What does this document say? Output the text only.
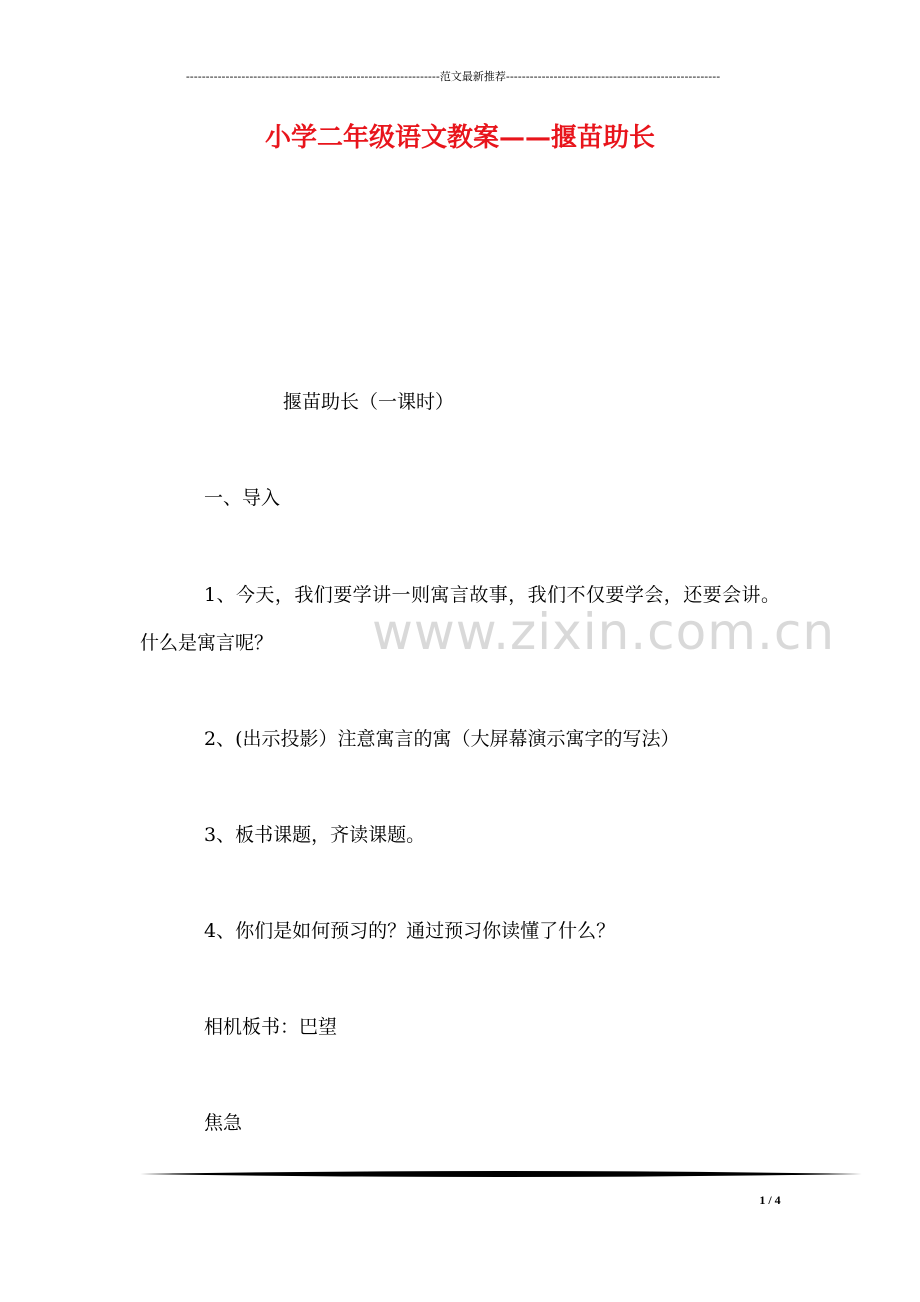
----------------------------------------------------------------范文最新推荐------------------------------------------------------
小学二年级语文教案——揠苗助长
揠苗助长（一课时）
一、导入
1、今天，我们要学讲一则寓言故事，我们不仅要学会，还要会讲。什么是寓言呢？
2、(出示投影）注意寓言的寓（大屏幕演示寓字的写法）
3、板书课题，齐读课题。
4、你们是如何预习的？通过预习你读懂了什么？
相机板书：巴望
焦急
www.zixin.com.cn
1 / 4
